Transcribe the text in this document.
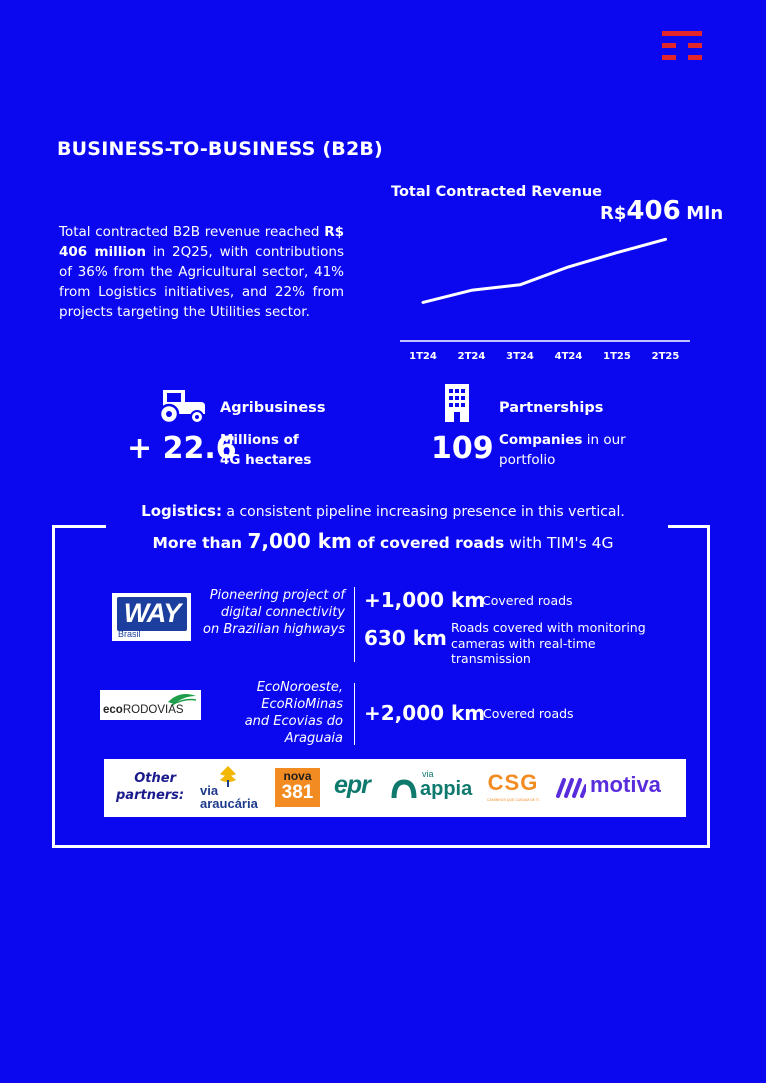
BUSINESS-TO-BUSINESS (B2B)

Total contracted B2B revenue reached R$ 406 million in 2Q25, with contributions of 36% from the Agricultural sector, 41% from Logistics initiatives, and 22% from projects targeting the Utilities sector.

Total Contracted Revenue

R$406 Mln
1T24 2T24 3T24 4T24 1T25 2T25

Agribusiness

+ 22.6
Millions of
4G hectares

Partnerships

109 Companies in our portfolio
Logistics: a consistent pipeline increasing presence in this vertical.
More than 7,000 km of covered roads with TIM's 4G
WAY
Brasil
Pioneering project of digital connectivity on Brazilian highways
+1,000 km
Covered roads
630 km Roads covered with monitoring cameras with real-time transmission
ecoRODOVIAS
EcoNoroeste, EcoRioMinas and Ecovias do Araguaia
+2,000 km
Covered roads
Other partners: via
araucária
nova
381 epr	via
appia CSG
CAMINHOS QUE CUIDAM DE TI
motiva
